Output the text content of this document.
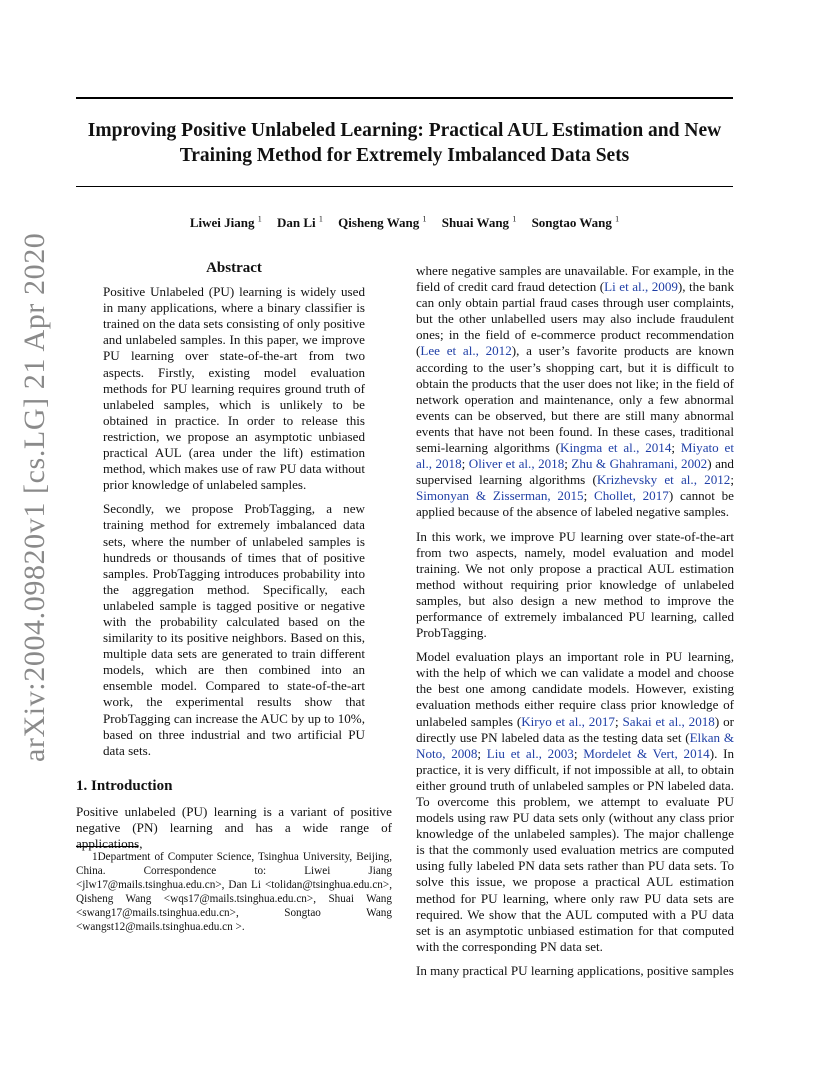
Improving Positive Unlabeled Learning: Practical AUL Estimation and New
Training Method for Extremely Imbalanced Data Sets
Liwei Jiang $^1$ Dan Li $^1$ Qisheng Wang $^1$ Shuai Wang $^1$ Songtao Wang $^1$
arXiv:2004.09820v1 [cs.LG] 21 Apr 2020	Abstract

Positive Unlabeled (PU) learning is widely used in many applications, where a binary classifier is trained on the data sets consisting of only positive and unlabeled samples. In this paper, we improve PU learning over state-of-the-art from two aspects. Firstly, existing model evaluation methods for PU learning requires ground truth of unlabeled samples, which is unlikely to be obtained in practice. In order to release this restriction, we propose an asymptotic unbiased practical AUL (area under the lift) estimation method, which makes use of raw PU data without prior knowledge of unlabeled samples.

Secondly, we propose ProbTagging, a new training method for extremely imbalanced data sets, where the number of unlabeled samples is hundreds or thousands of times that of positive samples. ProbTagging introduces probability into the aggregation method. Specifically, each unlabeled sample is tagged positive or negative with the probability calculated based on the similarity to its positive neighbors. Based on this, multiple data sets are generated to train different models, which are then combined into an ensemble model. Compared to state-of-the-art work, the experimental results show that ProbTagging can increase the AUC by up to 10%, based on three industrial and two artificial PU data sets.

1. Introduction

Positive unlabeled (PU) learning is a variant of positive negative (PN) learning and has a wide range of applications,

1Department of Computer Science, Tsinghua University, Beijing, China. Correspondence to: Liwei Jiang <jlw17@mails.tsinghua.edu.cn>, Dan Li <tolidan@tsinghua.edu.cn>, Qisheng Wang <wqs17@mails.tsinghua.edu.cn>, Shuai Wang <swang17@mails.tsinghua.edu.cn>, Songtao Wang <wangst12@mails.tsinghua.edu.cn >.

where negative samples are unavailable. For example, in the field of credit card fraud detection (Li et al., 2009), the bank can only obtain partial fraud cases through user complaints, but the other unlabelled users may also include fraudulent ones; in the field of e-commerce product recommendation (Lee et al., 2012), a user’s favorite products are known according to the user’s shopping cart, but it is difficult to obtain the products that the user does not like; in the field of network operation and maintenance, only a few abnormal events can be observed, but there are still many abnormal events that have not been found. In these cases, traditional semi-learning algorithms (Kingma et al., 2014; Miyato et al., 2018; Oliver et al., 2018; Zhu & Ghahramani, 2002) and supervised learning algorithms (Krizhevsky et al., 2012; Simonyan & Zisserman, 2015; Chollet, 2017) cannot be applied because of the absence of labeled negative samples.

In this work, we improve PU learning over state-of-the-art from two aspects, namely, model evaluation and model training. We not only propose a practical AUL estimation method without requiring prior knowledge of unlabeled samples, but also design a new method to improve the performance of extremely imbalanced PU learning, called ProbTagging.

Model evaluation plays an important role in PU learning, with the help of which we can validate a model and choose the best one among candidate models. However, existing evaluation methods either require class prior knowledge of unlabeled samples (Kiryo et al., 2017; Sakai et al., 2018) or directly use PN labeled data as the testing data set (Elkan & Noto, 2008; Liu et al., 2003; Mordelet & Vert, 2014). In practice, it is very difficult, if not impossible at all, to obtain either ground truth of unlabeled samples or PN labeled data. To overcome this problem, we attempt to evaluate PU models using raw PU data sets only (without any class prior knowledge of the unlabeled samples). The major challenge is that the commonly used evaluation metrics are computed using fully labeled PN data sets rather than PU data sets. To solve this issue, we propose a practical AUL estimation method for PU learning, where only raw PU data sets are required. We show that the AUL computed with a PU data set is an asymptotic unbiased estimation for that computed with the corresponding PN data set.

In many practical PU learning applications, positive samples
